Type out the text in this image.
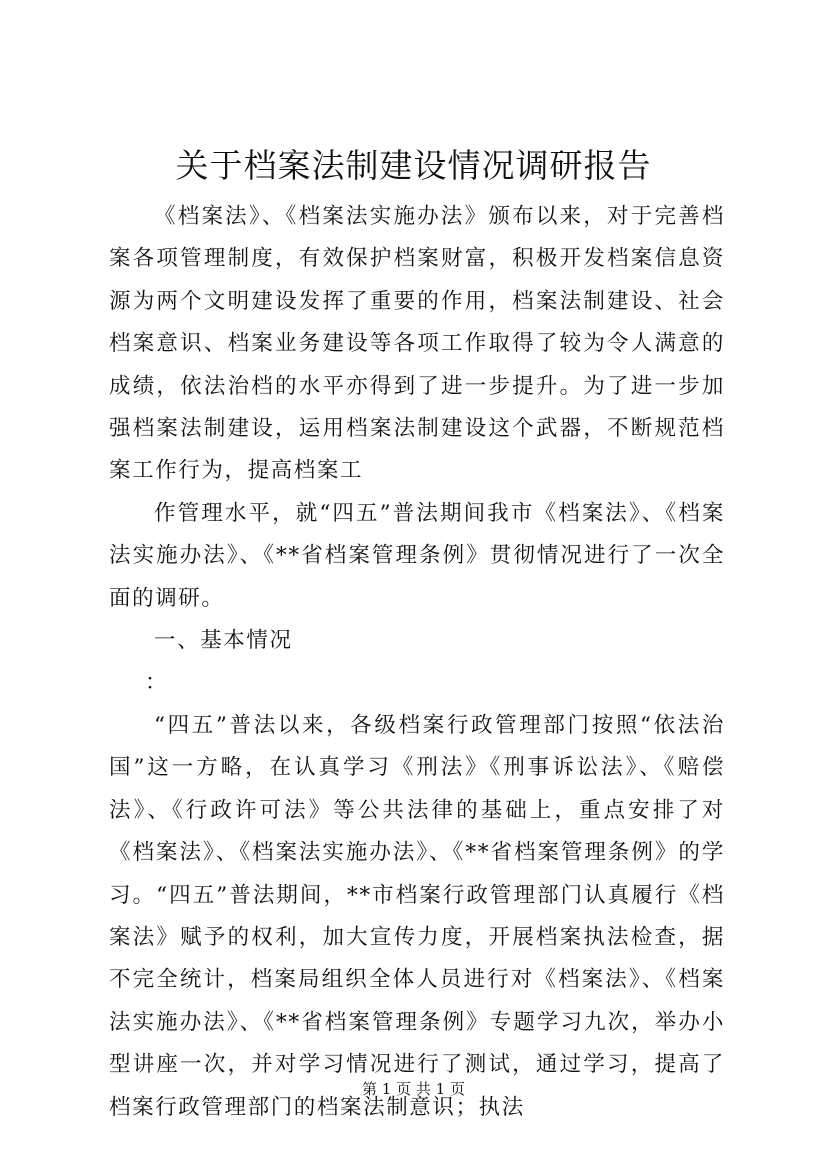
关于档案法制建设情况调研报告

《档案法》、《档案法实施办法》颁布以来，对于完善档案各项管理制度，有效保护档案财富，积极开发档案信息资源为两个文明建设发挥了重要的作用，档案法制建设、社会档案意识、档案业务建设等各项工作取得了较为令人满意的成绩，依法治档的水平亦得到了进一步提升。为了进一步加强档案法制建设，运用档案法制建设这个武器，不断规范档案工作行为，提高档案工

作管理水平，就“四五”普法期间我市《档案法》、《档案法实施办法》、《**省档案管理条例》贯彻情况进行了一次全面的调研。

一、基本情况

：

“四五”普法以来，各级档案行政管理部门按照“依法治国”这一方略，在认真学习《刑法》《刑事诉讼法》、《赔偿法》、《行政许可法》等公共法律的基础上，重点安排了对《档案法》、《档案法实施办法》、《**省档案管理条例》的学习。“四五”普法期间，**市档案行政管理部门认真履行《档案法》赋予的权利，加大宣传力度，开展档案执法检查，据不完全统计，档案局组织全体人员进行对《档案法》、《档案法实施办法》、《**省档案管理条例》专题学习九次，举办小型讲座一次，并对学习情况进行了测试，通过学习，提高了档案行政管理部门的档案法制意识；执法

第 1 页 共 1 页
